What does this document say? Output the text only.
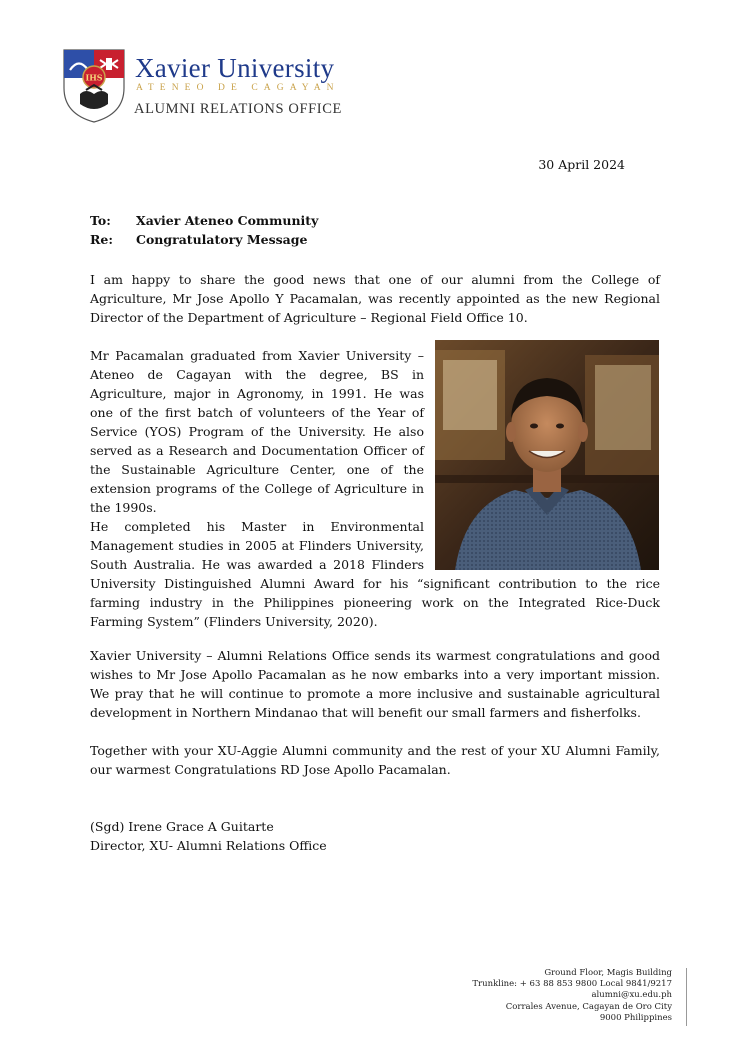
IHS Xavier University
ATENEO DE CAGAYAN
ALUMNI RELATIONS OFFICE
30 April 2024
To: Xavier Ateneo Community
Re: Congratulatory Message

I am happy to share the good news that one of our alumni from the College of Agriculture, Mr Jose Apollo Y Pacamalan, was recently appointed as the new Regional Director of the Department of Agriculture – Regional Field Office 10.

Mr Pacamalan graduated from Xavier University – Ateneo de Cagayan with the degree, BS in Agriculture, major in Agronomy, in 1991. He was one of the first batch of volunteers of the Year of Service (YOS) Program of the University. He also served as a Research and Documentation Officer of the Sustainable Agriculture Center, one of the extension programs of the College of Agriculture in the 1990s.

He completed his Master in Environmental Management studies in 2005 at Flinders University, South Australia. He was awarded a 2018 Flinders
University Distinguished Alumni Award for his “significant contribution to the rice farming industry in the Philippines pioneering work on the Integrated Rice-Duck Farming System” (Flinders University, 2020).

Xavier University – Alumni Relations Office sends its warmest congratulations and good wishes to Mr Jose Apollo Pacamalan as he now embarks into a very important mission. We pray that he will continue to promote a more inclusive and sustainable agricultural development in Northern Mindanao that will benefit our small farmers and fisherfolks.

Together with your XU-Aggie Alumni community and the rest of your XU Alumni Family, our warmest Congratulations RD Jose Apollo Pacamalan.

(Sgd) Irene Grace A Guitarte
Director, XU- Alumni Relations Office
Ground Floor, Magis Building
Trunkline: + 63 88 853 9800 Local 9841/9217
alumni@xu.edu.ph
Corrales Avenue, Cagayan de Oro City
9000 Philippines
